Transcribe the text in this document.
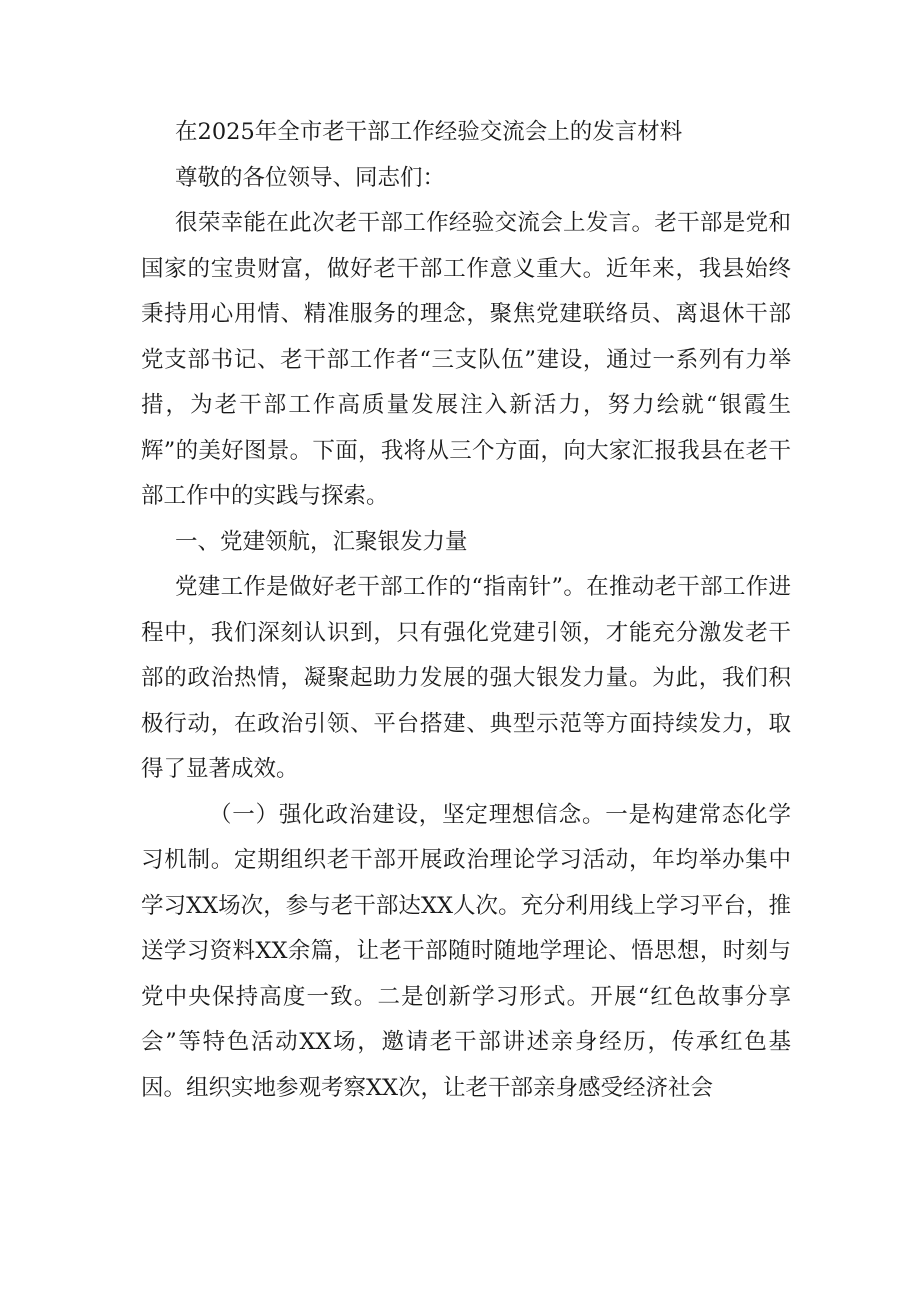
在2025年全市老干部工作经验交流会上的发言材料

尊敬的各位领导、同志们：

很荣幸能在此次老干部工作经验交流会上发言。老干部是党和国家的宝贵财富，做好老干部工作意义重大。近年来，我县始终秉持用心用情、精准服务的理念，聚焦党建联络员、离退休干部党支部书记、老干部工作者“三支队伍”建设，通过一系列有力举措，为老干部工作高质量发展注入新活力，努力绘就“银霞生辉”的美好图景。下面，我将从三个方面，向大家汇报我县在老干部工作中的实践与探索。

一、党建领航，汇聚银发力量

党建工作是做好老干部工作的“指南针”。在推动老干部工作进程中，我们深刻认识到，只有强化党建引领，才能充分激发老干部的政治热情，凝聚起助力发展的强大银发力量。为此，我们积极行动，在政治引领、平台搭建、典型示范等方面持续发力，取得了显著成效。

（一）强化政治建设，坚定理想信念。一是构建常态化学习机制。定期组织老干部开展政治理论学习活动，年均举办集中学习XX场次，参与老干部达XX人次。充分利用线上学习平台，推送学习资料XX余篇，让老干部随时随地学理论、悟思想，时刻与党中央保持高度一致。二是创新学习形式。开展“红色故事分享会”等特色活动XX场，邀请老干部讲述亲身经历，传承红色基因。组织实地参观考察XX次，让老干部亲身感受经济社会
